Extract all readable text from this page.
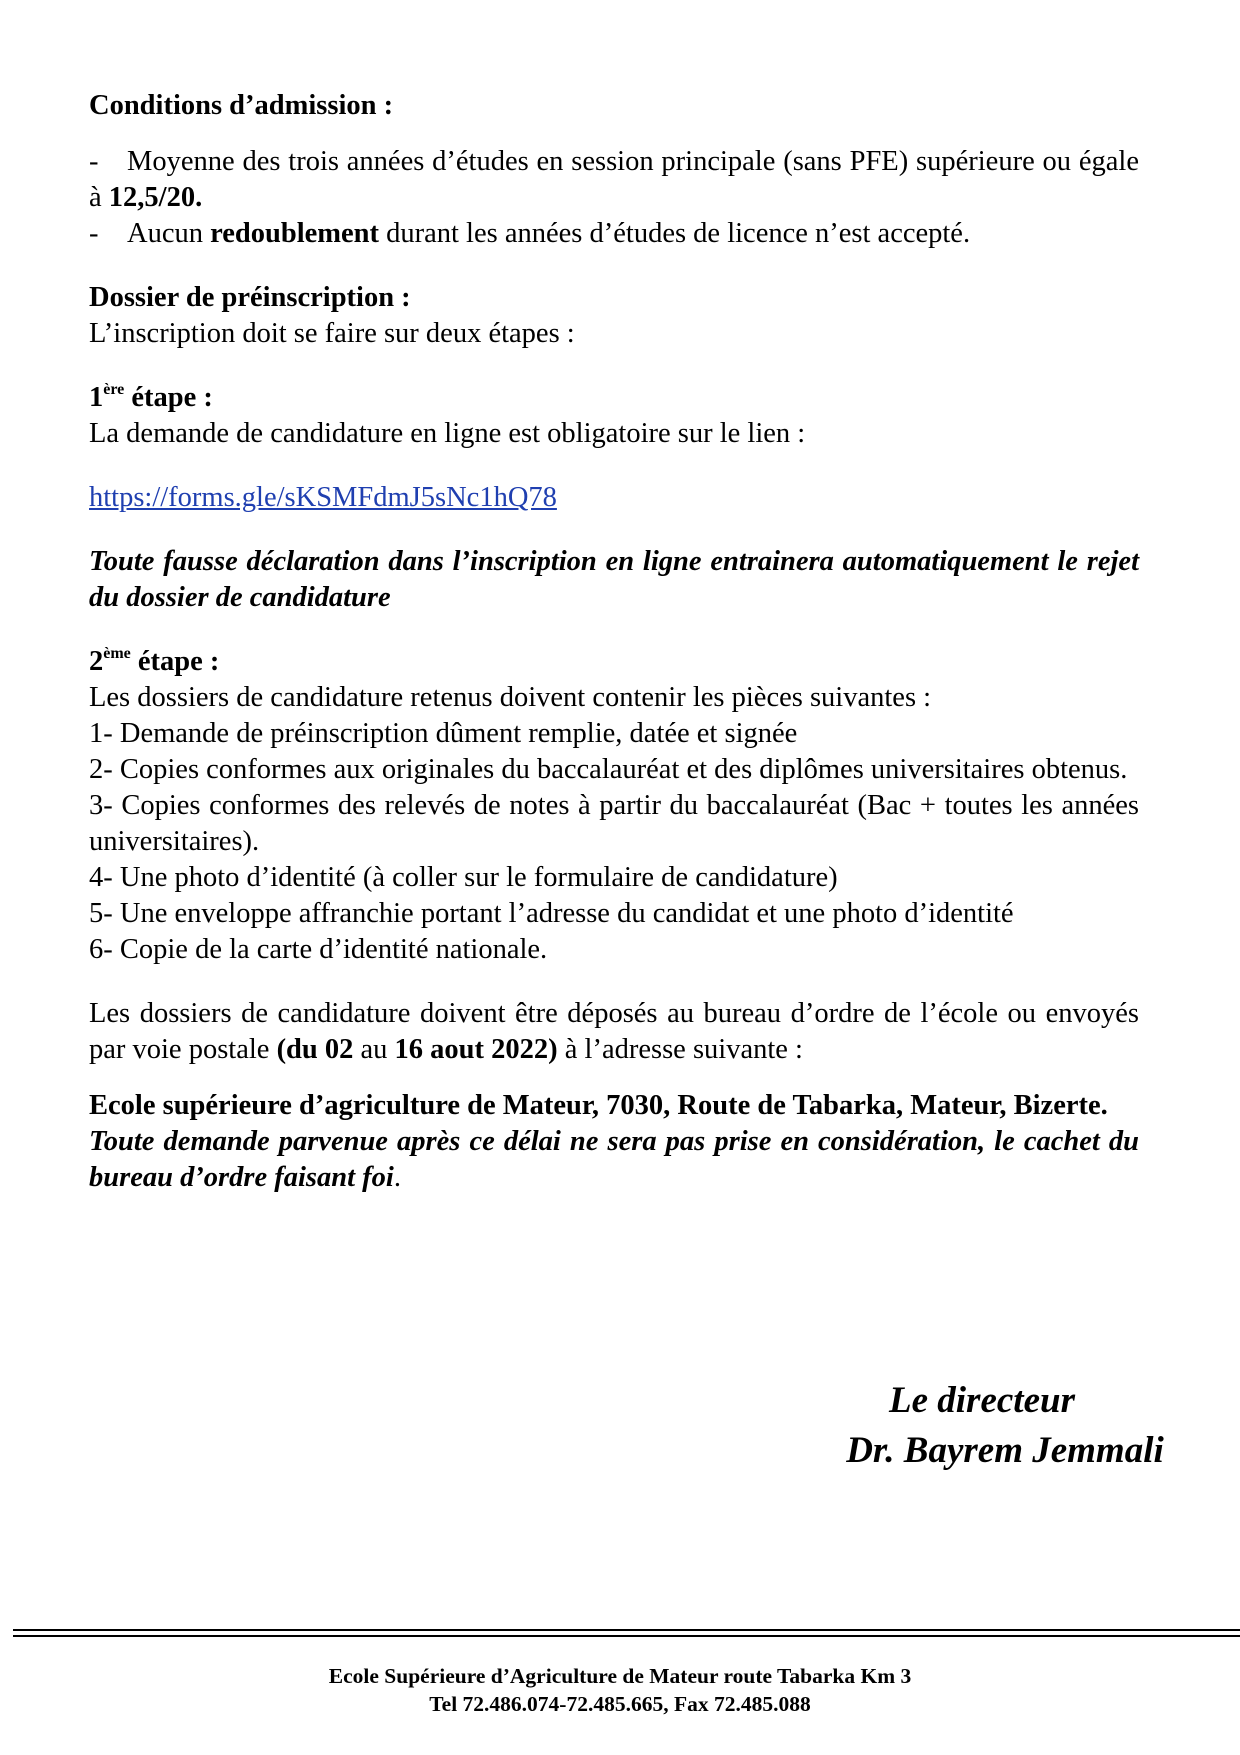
Conditions d’admission :

- Moyenne des trois années d’études en session principale (sans PFE) supérieure ou égale à 12,5/20.

- Aucun redoublement durant les années d’études de licence n’est accepté.

Dossier de préinscription :

L’inscription doit se faire sur deux étapes :

1ère étape :

La demande de candidature en ligne est obligatoire sur le lien :

https://forms.gle/sKSMFdmJ5sNc1hQ78

Toute fausse déclaration dans l’inscription en ligne entrainera automatiquement le rejet du dossier de candidature

2ème étape :

Les dossiers de candidature retenus doivent contenir les pièces suivantes :

1- Demande de préinscription dûment remplie, datée et signée

2- Copies conformes aux originales du baccalauréat et des diplômes universitaires obtenus.

3- Copies conformes des relevés de notes à partir du baccalauréat (Bac + toutes les années universitaires).

4- Une photo d’identité (à coller sur le formulaire de candidature)

5- Une enveloppe affranchie portant l’adresse du candidat et une photo d’identité

6- Copie de la carte d’identité nationale.

Les dossiers de candidature doivent être déposés au bureau d’ordre de l’école ou envoyés par voie postale (du 02 au 16 aout 2022) à l’adresse suivante :

Ecole supérieure d’agriculture de Mateur, 7030, Route de Tabarka, Mateur, Bizerte.

Toute demande parvenue après ce délai ne sera pas prise en considération, le cachet du bureau d’ordre faisant foi.

Le directeur
Dr. Bayrem Jemmali
Ecole Supérieure d’Agriculture de Mateur route Tabarka Km 3
Tel 72.486.074-72.485.665, Fax 72.485.088
